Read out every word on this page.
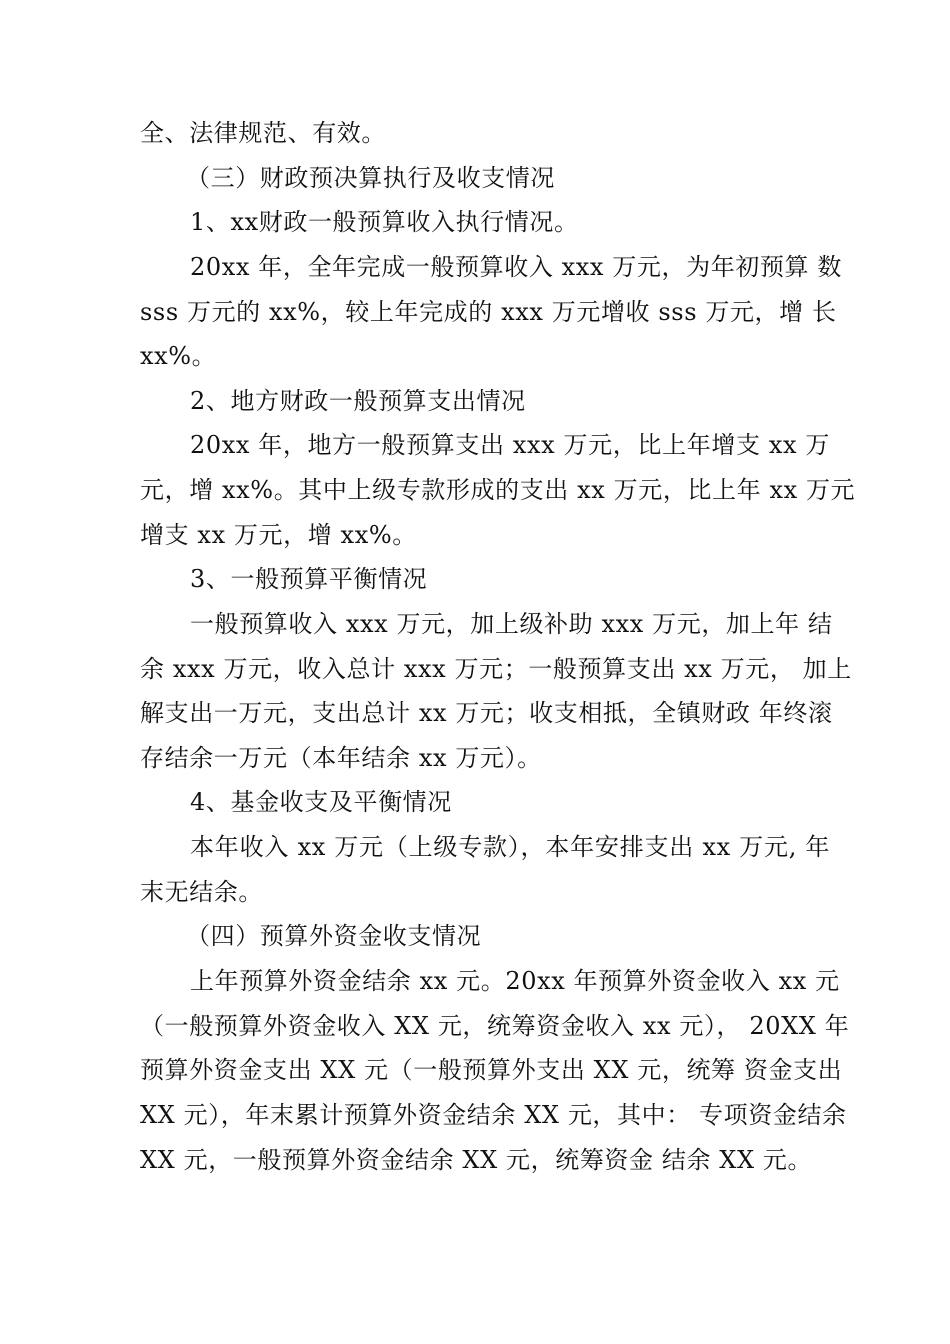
全、法律规范、有效。
（三）财政预决算执行及收支情况
1、xx财政一般预算收入执行情况。
20xx 年，全年完成一般预算收入 xxx 万元，为年初预算 数
sss 万元的 xx%，较上年完成的 xxx 万元增收 sss 万元，增 长
xx%。
2、地方财政一般预算支出情况
20xx 年，地方一般预算支出 xxx 万元，比上年增支 xx 万
元，增 xx%。其中上级专款形成的支出 xx 万元，比上年 xx 万元
增支 xx 万元，增 xx%。
3、一般预算平衡情况
一般预算收入 xxx 万元，加上级补助 xxx 万元，加上年 结
余 xxx 万元，收入总计 xxx 万元；一般预算支出 xx 万元， 加上
解支出一万元，支出总计 xx 万元；收支相抵，全镇财政 年终滚
存结余一万元（本年结余 xx 万元）。
4、基金收支及平衡情况
本年收入 xx 万元（上级专款），本年安排支出 xx 万元, 年
末无结余。
（四）预算外资金收支情况
上年预算外资金结余 xx 元。20xx 年预算外资金收入 xx 元
（一般预算外资金收入 XX 元，统筹资金收入 xx 元）， 20XX 年
预算外资金支出 XX 元（一般预算外支出 XX 元，统筹 资金支出
XX 元），年末累计预算外资金结余 XX 元，其中： 专项资金结余
XX 元，一般预算外资金结余 XX 元，统筹资金 结余 XX 元。
